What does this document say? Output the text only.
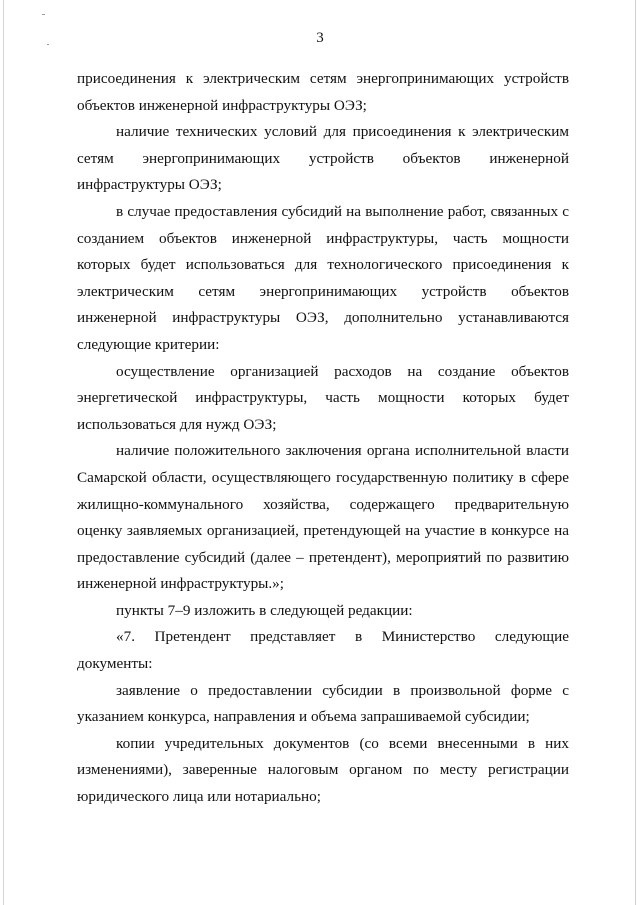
3

присоединения к электрическим сетям энергопринимающих устройств объектов инженерной инфраструктуры ОЭЗ;

наличие технических условий для присоединения к электрическим сетям энергопринимающих устройств объектов инженерной инфраструктуры ОЭЗ;

в случае предоставления субсидий на выполнение работ, связанных с созданием объектов инженерной инфраструктуры, часть мощности которых будет использоваться для технологического присоединения к электрическим сетям энергопринимающих устройств объектов инженерной инфраструктуры ОЭЗ, дополнительно устанавливаются следующие критерии:

осуществление организацией расходов на создание объектов энергетической инфраструктуры, часть мощности которых будет использоваться для нужд ОЭЗ;

наличие положительного заключения органа исполнительной власти Самарской области, осуществляющего государственную политику в сфере жилищно-коммунального хозяйства, содержащего предварительную оценку заявляемых организацией, претендующей на участие в конкурсе на предоставление субсидий (далее – претендент), мероприятий по развитию инженерной инфраструктуры.»;

пункты 7–9 изложить в следующей редакции:

«7. Претендент представляет в Министерство следующие документы:

заявление о предоставлении субсидии в произвольной форме с указанием конкурса, направления и объема запрашиваемой субсидии;

копии учредительных документов (со всеми внесенными в них изменениями), заверенные налоговым органом по месту регистрации юридического лица или нотариально;
